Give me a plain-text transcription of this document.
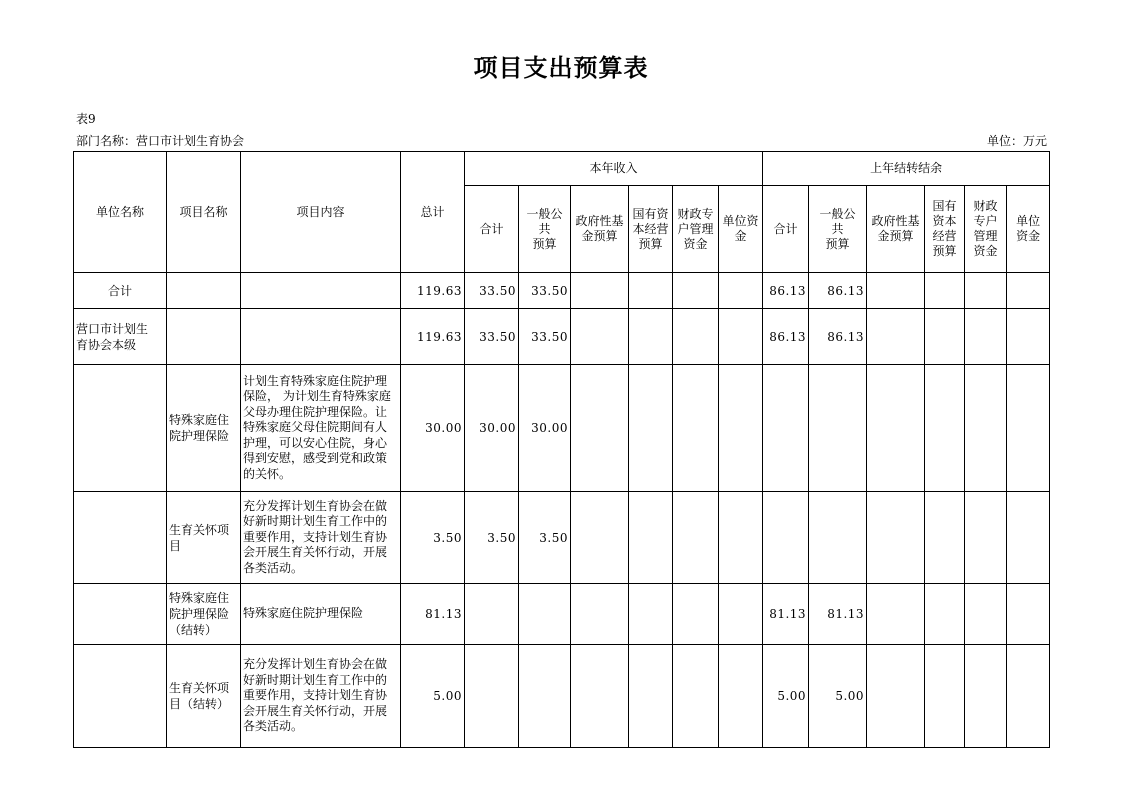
项目支出预算表
表9
部门名称：营口市计划生育协会	单位：万元
单位名称	项目名称	项目内容	总计	本年收入						上年结转结余					
				合计	一般公
共
预算	政府性基
金预算	国有资
本经营
预算	财政专
户管理
资金	单位资
金	合计	一般公
共
预算	政府性基
金预算	国有
资本
经营
预算	财政
专户
管理
资金	单位
资金
合计			119.63	33.50	33.50					86.13	86.13				
营口市计划生
育协会本级			119.63	33.50	33.50					86.13	86.13				
	特殊家庭住
院护理保险	计划生育特殊家庭住院护理保险， 为计划生育特殊家庭父母办理住院护理保险。让特殊家庭父母住院期间有人护理，可以安心住院，身心得到安慰，感受到党和政策的关怀。	30.00	30.00	30.00										
	生育关怀项
目	充分发挥计划生育协会在做好新时期计划生育工作中的重要作用，支持计划生育协会开展生育关怀行动，开展各类活动。	3.50	3.50	3.50										
	特殊家庭住
院护理保险
（结转）	特殊家庭住院护理保险	81.13							81.13	81.13				
	生育关怀项
目（结转）	充分发挥计划生育协会在做好新时期计划生育工作中的重要作用，支持计划生育协会开展生育关怀行动，开展各类活动。	5.00							5.00	5.00				
